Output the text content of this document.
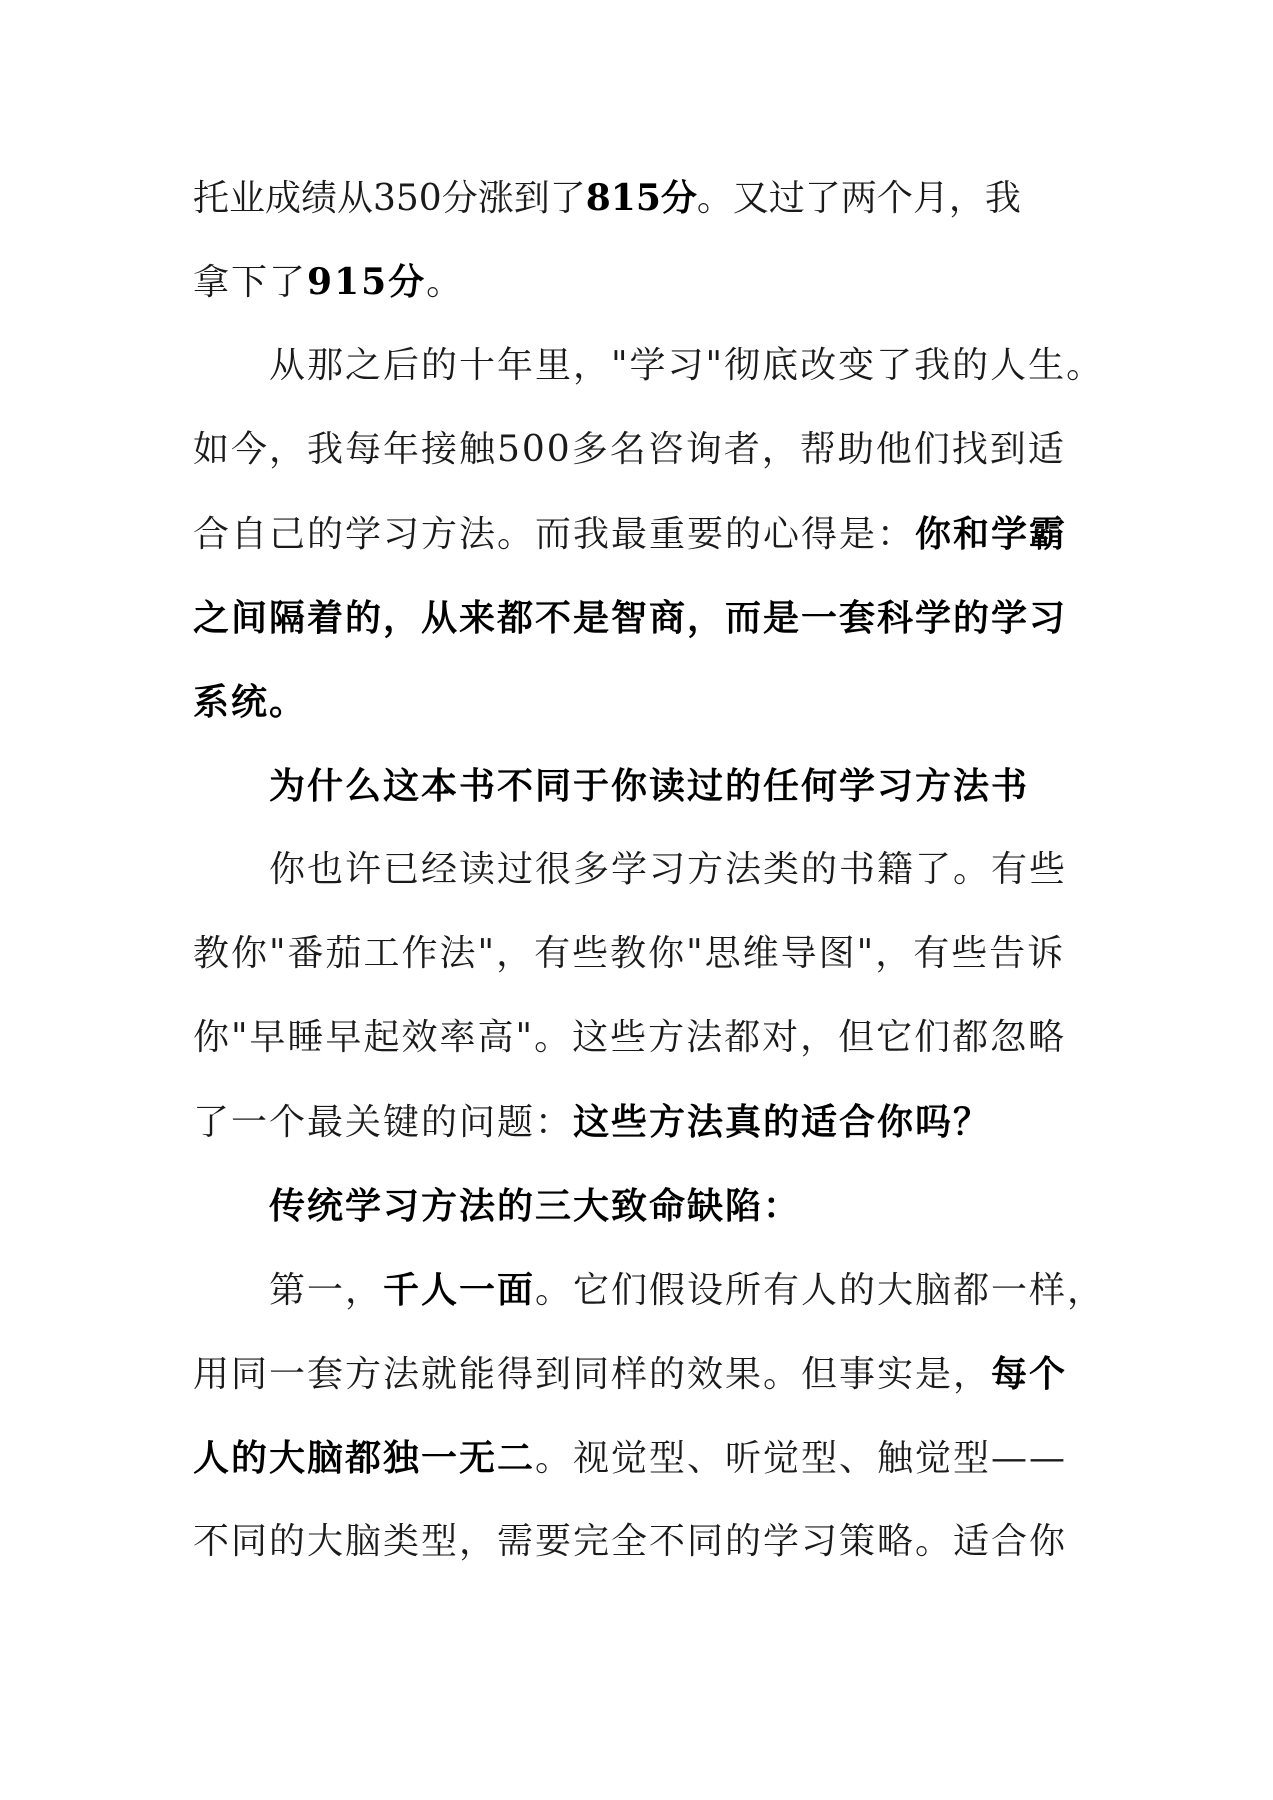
托业成绩从350分涨到了815分。又过了两个月，我
拿下了915分。
从那之后的十年里，"学习"彻底改变了我的人生。
如今，我每年接触500多名咨询者，帮助他们找到适
合自己的学习方法。而我最重要的心得是：你和学霸
之间隔着的，从来都不是智商，而是一套科学的学习
系统。
为什么这本书不同于你读过的任何学习方法书
你也许已经读过很多学习方法类的书籍了。有些
教你"番茄工作法"，有些教你"思维导图"，有些告诉
你"早睡早起效率高"。这些方法都对，但它们都忽略
了一个最关键的问题：这些方法真的适合你吗？
传统学习方法的三大致命缺陷：
第一，千人一面。它们假设所有人的大脑都一样，
用同一套方法就能得到同样的效果。但事实是，每个
人的大脑都独一无二。视觉型、听觉型、触觉型——
不同的大脑类型，需要完全不同的学习策略。适合你
